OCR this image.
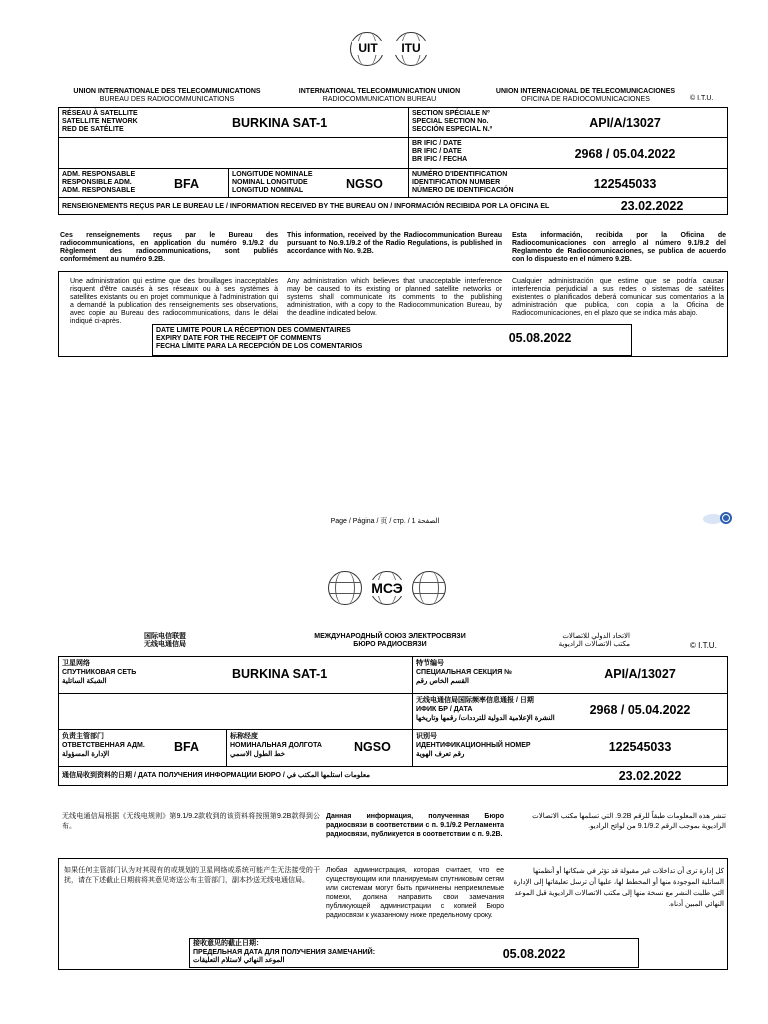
UIT	ITU
UNION INTERNATIONALE DES TELECOMMUNICATIONS
BUREAU DES RADIOCOMMUNICATIONS
INTERNATIONAL TELECOMMUNICATION UNION
RADIOCOMMUNICATION BUREAU
UNION INTERNACIONAL DE TELECOMUNICACIONES
OFICINA DE RADIOCOMUNICACIONES	© I.T.U.
RÉSEAU À SATELLITE
SATELLITE NETWORK
RED DE SATÉLITE	BURKINA SAT-1
SECTION SPÉCIALE Nº
SPECIAL SECTION No.
SECCIÓN ESPECIAL N.º	API/A/13027
BR IFIC / DATE
BR IFIC / DATE
BR IFIC / FECHA	2968 / 05.04.2022
ADM. RESPONSABLE
RESPONSIBLE ADM.
ADM. RESPONSABLE	BFA
LONGITUDE NOMINALE
NOMINAL LONGITUDE
LONGITUD NOMINAL	NGSO
NUMÉRO D'IDENTIFICATION
IDENTIFICATION NUMBER
NÚMERO DE IDENTIFICACIÓN	122545033
RENSEIGNEMENTS REÇUS PAR LE BUREAU LE / INFORMATION RECEIVED BY THE BUREAU ON / INFORMACIÓN RECIBIDA POR LA OFICINA EL	23.02.2022
Ces renseignements reçus par le Bureau des radiocommunications, en application du numéro 9.1/9.2 du Règlement des radiocommunications, sont publiés conformément au numéro 9.2B.
This information, received by the Radiocommunication Bureau pursuant to No.9.1/9.2 of the Radio Regulations, is published in accordance with No. 9.2B.
Esta información, recibida por la Oficina de Radiocomunicaciones con arreglo al número 9.1/9.2 del Reglamento de Radiocomunicaciones, se publica de acuerdo con lo dispuesto en el número 9.2B.
Une administration qui estime que des brouillages inacceptables risquent d'être causés à ses réseaux ou à ses systèmes à satellites existants ou en projet communique à l'administration qui a demandé la publication des renseignements ses observations, avec copie au Bureau des radiocommunications, dans le délai indiqué ci-après.
Any administration which believes that unacceptable interference may be caused to its existing or planned satellite networks or systems shall communicate its comments to the publishing administration, with a copy to the Radiocommunication Bureau, by the deadline indicated below.
Cualquier administración que estime que se podría causar interferencia perjudicial a sus redes o sistemas de satélites existentes o planificados deberá comunicar sus comentarios a la administración que publica, con copia a la Oficina de Radiocomunicaciones, en el plazo que se indica más abajo.
DATE LIMITE POUR LA RÉCEPTION DES COMMENTAIRES
EXPIRY DATE FOR THE RECEIPT OF COMMENTS
FECHA LÍMITE PARA LA RECEPCIÓN DE LOS COMENTARIOS
05.08.2022
Page / Página / 页 / стр. / الصفحة 1
МСЭ
国际电信联盟
无线电通信局
МЕЖДУНАРОДНЫЙ СОЮЗ ЭЛЕКТРОСВЯЗИ
БЮРО РАДИОСВЯЗИ
الاتحاد الدولي للاتصالات
مكتب الاتصالات الراديوية	© I.T.U.
卫星网络
СПУТНИКОВАЯ СЕТЬ
الشبكة الساتلية
BURKINA SAT-1
特节编号
СПЕЦИАЛЬНАЯ СЕКЦИЯ №
القسم الخاص رقم
API/A/13027
无线电通信局国际频率信息通报 / 日期
ИФИК БР / ДАТА
النشرة الإعلامية الدولية للترددات/ رقمها وتاريخها
2968 / 05.04.2022
负责主管部门
ОТВЕТСТВЕННАЯ АДМ.
الإدارة المسؤولة
BFA
标称经度
НОМИНАЛЬНАЯ ДОЛГОТА
خط الطول الاسمي
NGSO
识别号
ИДЕНТИФИКАЦИОННЫЙ НОМЕР
رقم تعرف الهوية
122545033
通信局收到资料的日期 / ДАТА ПОЛУЧЕНИЯ ИНФОРМАЦИИ БЮРО / معلومات استلمها المكتب في	23.02.2022
无线电通信局根据《无线电规则》第9.1/9.2款收到的该资料将按照第9.2B款得到公布。
Данная информация, полученная Бюро радиосвязи в соответствии с п. 9.1/9.2 Регламента радиосвязи, публикуется в соответствии с п. 9.2B.
تنشر هذه المعلومات طبقاً للرقم 9.2B. التي تسلمها مكتب الاتصالات الراديوية بموجب الرقم 9.1/9.2 من لوائح الراديو.
如果任何主管部门认为对其现有的或规划的卫星网络或系统可能产生无法接受的干扰，请在下述截止日期前将其意见寄送公布主管部门，副本抄送无线电通信局。
Любая администрация, которая считает, что ее существующим или планируемым спутниковым сетям или системам могут быть причинены неприемлемые помехи, должна направить свои замечания публикующей администрации с копией Бюро радиосвязи к указанному ниже предельному сроку.
كل إدارة ترى أن تداخلات غير مقبولة قد تؤثر في شبكاتها أو أنظمتها الساتلية الموجودة منها أو المخطط لها، عليها أن ترسل تعليقاتها إلى الإدارة التي طلبت النشر مع نسخة منها إلى مكتب الاتصالات الراديوية قبل الموعد النهائي المبين أدناه.
接收意见的截止日期：
ПРЕДЕЛЬНАЯ ДАТА ДЛЯ ПОЛУЧЕНИЯ ЗАМЕЧАНИЙ:
الموعد النهائي لاستلام التعليقات	05.08.2022
